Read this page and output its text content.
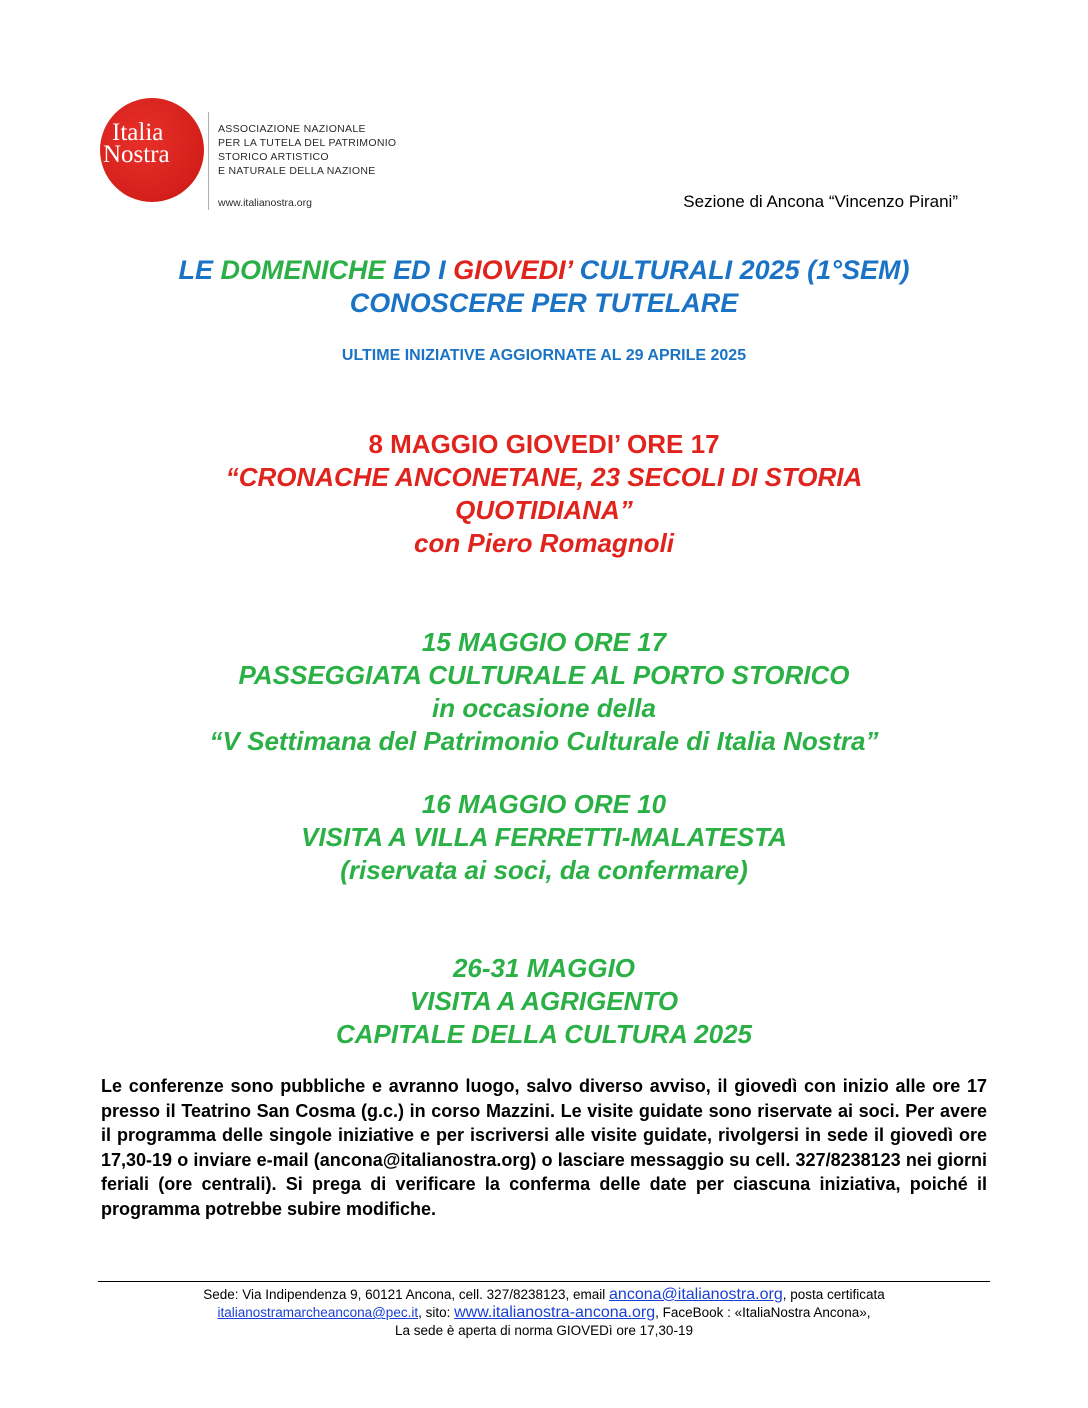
Italia
Nostra
ASSOCIAZIONE NAZIONALE
PER LA TUTELA DEL PATRIMONIO
STORICO ARTISTICO
E NATURALE DELLA NAZIONE
www.italianostra.org	Sezione di Ancona “Vincenzo Pirani”
LE DOMENICHE ED I GIOVEDI’ CULTURALI 2025 (1°SEM)
CONOSCERE PER TUTELARE
ULTIME INIZIATIVE AGGIORNATE AL 29 APRILE 2025
8 MAGGIO GIOVEDI’ ORE 17
“CRONACHE ANCONETANE, 23 SECOLI DI STORIA
QUOTIDIANA”
con Piero Romagnoli
15 MAGGIO ORE 17
PASSEGGIATA CULTURALE AL PORTO STORICO
in occasione della
“V Settimana del Patrimonio Culturale di Italia Nostra”
16 MAGGIO ORE 10
VISITA A VILLA FERRETTI-MALATESTA
(riservata ai soci, da confermare)
26-31 MAGGIO
VISITA A AGRIGENTO
CAPITALE DELLA CULTURA 2025
Le conferenze sono pubbliche e avranno luogo, salvo diverso avviso, il giovedì con inizio alle ore 17 presso il Teatrino San Cosma (g.c.) in corso Mazzini. Le visite guidate sono riservate ai soci. Per avere il programma delle singole iniziative e per iscriversi alle visite guidate, rivolgersi in sede il giovedì ore 17,30-19 o inviare e-mail (ancona@italianostra.org) o lasciare messaggio su cell. 327/8238123 nei giorni feriali (ore centrali). Si prega di verificare la conferma delle date per ciascuna iniziativa, poiché il programma potrebbe subire modifiche.
Sede: Via Indipendenza 9, 60121 Ancona, cell. 327/8238123, email ancona@italianostra.org, posta certificata
italianostramarcheancona@pec.it, sito: www.italianostra-ancona.org, FaceBook : «ItaliaNostra Ancona»,
La sede è aperta di norma GIOVEDì ore 17,30-19
